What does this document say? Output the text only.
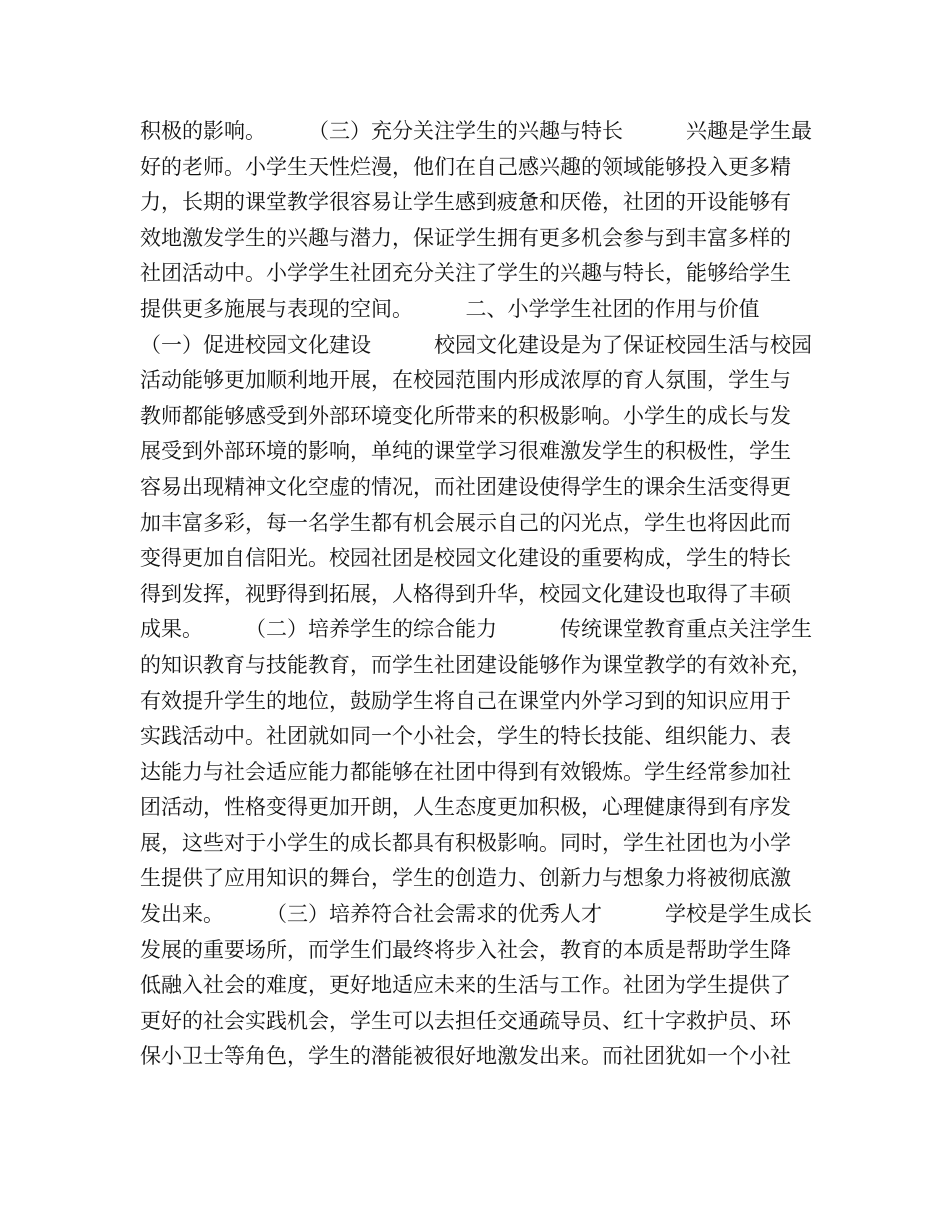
积极的影响。　　　（三）充分关注学生的兴趣与特长　　　兴趣是学生最
好的老师。小学生天性烂漫，他们在自己感兴趣的领域能够投入更多精
力，长期的课堂教学很容易让学生感到疲惫和厌倦，社团的开设能够有
效地激发学生的兴趣与潜力，保证学生拥有更多机会参与到丰富多样的
社团活动中。小学学生社团充分关注了学生的兴趣与特长，能够给学生
提供更多施展与表现的空间。　　　二、小学学生社团的作用与价值
（一）促进校园文化建设　　　校园文化建设是为了保证校园生活与校园
活动能够更加顺利地开展，在校园范围内形成浓厚的育人氛围，学生与
教师都能够感受到外部环境变化所带来的积极影响。小学生的成长与发
展受到外部环境的影响，单纯的课堂学习很难激发学生的积极性，学生
容易出现精神文化空虚的情况，而社团建设使得学生的课余生活变得更
加丰富多彩，每一名学生都有机会展示自己的闪光点，学生也将因此而
变得更加自信阳光。校园社团是校园文化建设的重要构成，学生的特长
得到发挥，视野得到拓展，人格得到升华，校园文化建设也取得了丰硕
成果。　　　（二）培养学生的综合能力　　　传统课堂教育重点关注学生
的知识教育与技能教育，而学生社团建设能够作为课堂教学的有效补充，
有效提升学生的地位，鼓励学生将自己在课堂内外学习到的知识应用于
实践活动中。社团就如同一个小社会，学生的特长技能、组织能力、表
达能力与社会适应能力都能够在社团中得到有效锻炼。学生经常参加社
团活动，性格变得更加开朗，人生态度更加积极，心理健康得到有序发
展，这些对于小学生的成长都具有积极影响。同时，学生社团也为小学
生提供了应用知识的舞台，学生的创造力、创新力与想象力将被彻底激
发出来。　　　（三）培养符合社会需求的优秀人才　　　学校是学生成长
发展的重要场所，而学生们最终将步入社会，教育的本质是帮助学生降
低融入社会的难度，更好地适应未来的生活与工作。社团为学生提供了
更好的社会实践机会，学生可以去担任交通疏导员、红十字救护员、环
保小卫士等角色，学生的潜能被很好地激发出来。而社团犹如一个小社
